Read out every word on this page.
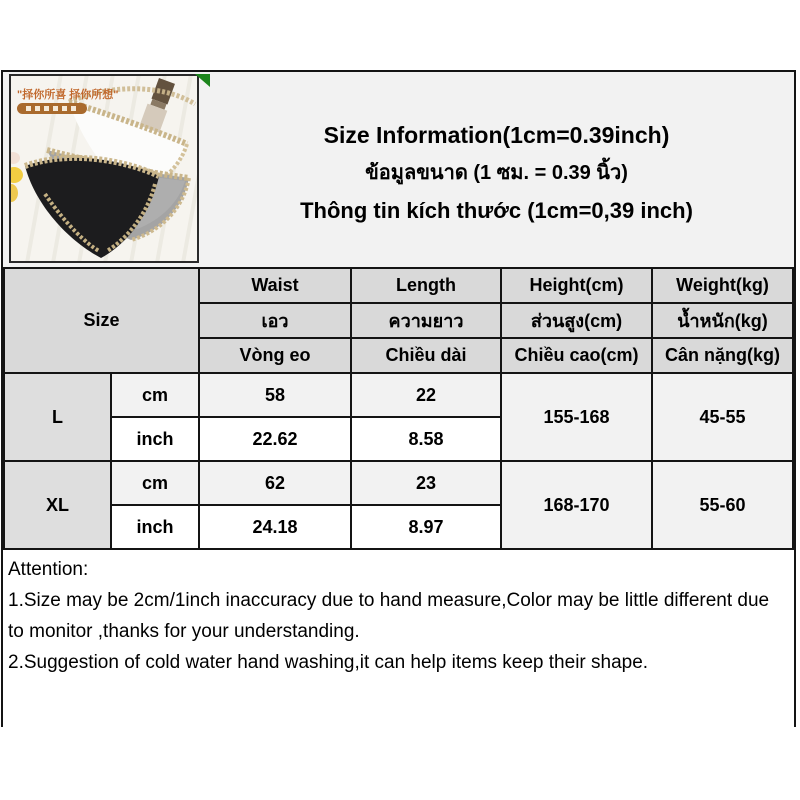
"择你所喜 择你所想"
Size Information(1cm=0.39inch)
ข้อมูลขนาด (1 ซม. = 0.39 นิ้ว)
Thông tin kích thước (1cm=0,39 inch)
Size		Waist	Length	Height(cm)	Weight(kg)
		เอว	ความยาว	ส่วนสูง(cm)	น้ำหนัก(kg)
		Vòng eo	Chiều dài	Chiều cao(cm)	Cân nặng(kg)
L	cm	58	22	155-168	45-55
	inch	22.62	8.58		
XL	cm	62	23	168-170	55-60
	inch	24.18	8.97		

Attention:

1.Size may be 2cm/1inch inaccuracy due to hand measure,Color may be little different due to monitor ,thanks for your understanding.

2.Suggestion of cold water hand washing,it can help items keep their shape.
